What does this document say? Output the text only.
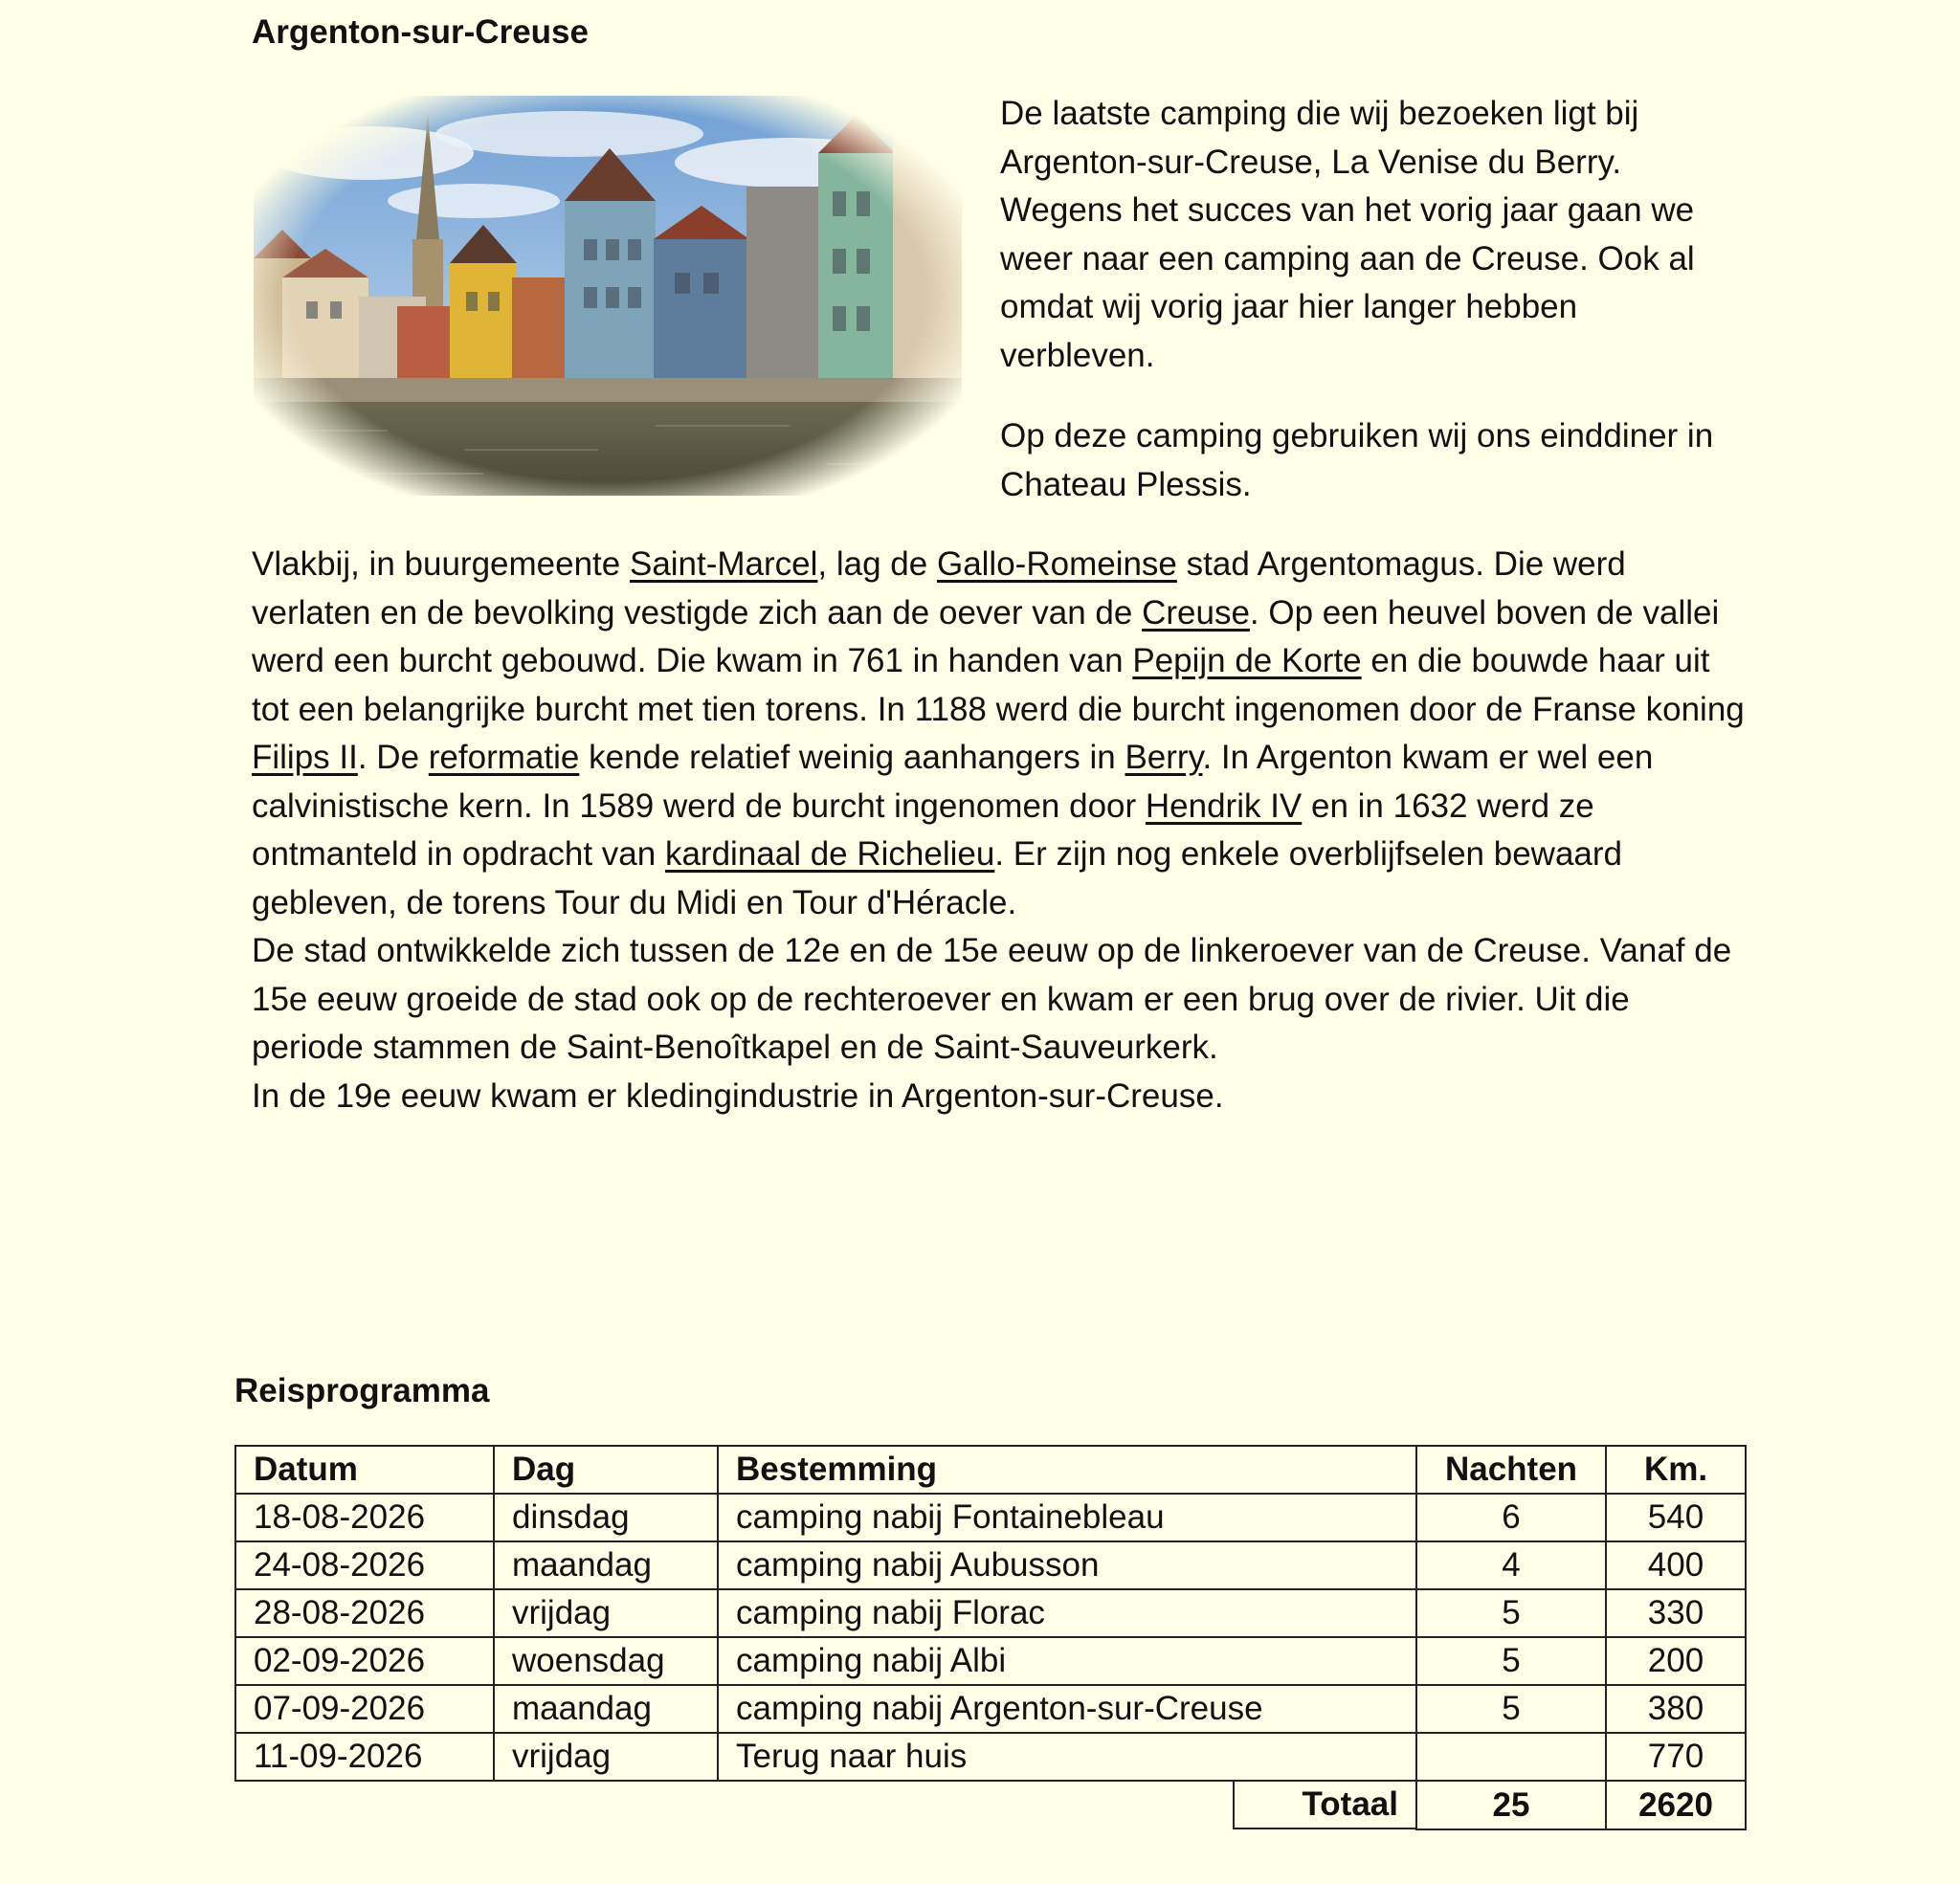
Argenton-sur-Creuse

De laatste camping die wij bezoeken ligt bij Argenton-sur-Creuse, La Venise du Berry. Wegens het succes van het vorig jaar gaan we weer naar een camping aan de Creuse. Ook al omdat wij vorig jaar hier langer hebben verbleven.

Op deze camping gebruiken wij ons einddiner in Chateau Plessis.

Vlakbij, in buurgemeente Saint-Marcel, lag de Gallo-Romeinse stad Argentomagus. Die werd verlaten en de bevolking vestigde zich aan de oever van de Creuse. Op een heuvel boven de vallei werd een burcht gebouwd. Die kwam in 761 in handen van Pepijn de Korte en die bouwde haar uit tot een belangrijke burcht met tien torens. In 1188 werd die burcht ingenomen door de Franse koning Filips II. De reformatie kende relatief weinig aanhangers in Berry. In Argenton kwam er wel een calvinistische kern. In 1589 werd de burcht ingenomen door Hendrik IV en in 1632 werd ze ontmanteld in opdracht van kardinaal de Richelieu. Er zijn nog enkele overblijfselen bewaard gebleven, de torens Tour du Midi en Tour d'Héracle.

De stad ontwikkelde zich tussen de 12e en de 15e eeuw op de linkeroever van de Creuse. Vanaf de 15e eeuw groeide de stad ook op de rechteroever en kwam er een brug over de rivier. Uit die periode stammen de Saint-Benoîtkapel en de Saint-Sauveurkerk.

In de 19e eeuw kwam er kledingindustrie in Argenton-sur-Creuse.

Reisprogramma
Datum	Dag	Bestemming	Nachten	Km.
18-08-2026	dinsdag	camping nabij Fontainebleau	6	540
24-08-2026	maandag	camping nabij Aubusson	4	400
28-08-2026	vrijdag	camping nabij Florac	5	330
02-09-2026	woensdag	camping nabij Albi	5	200
07-09-2026	maandag	camping nabij Argenton-sur-Creuse	5	380
11-09-2026	vrijdag	Terug naar huis		770
		Totaal	25	2620
